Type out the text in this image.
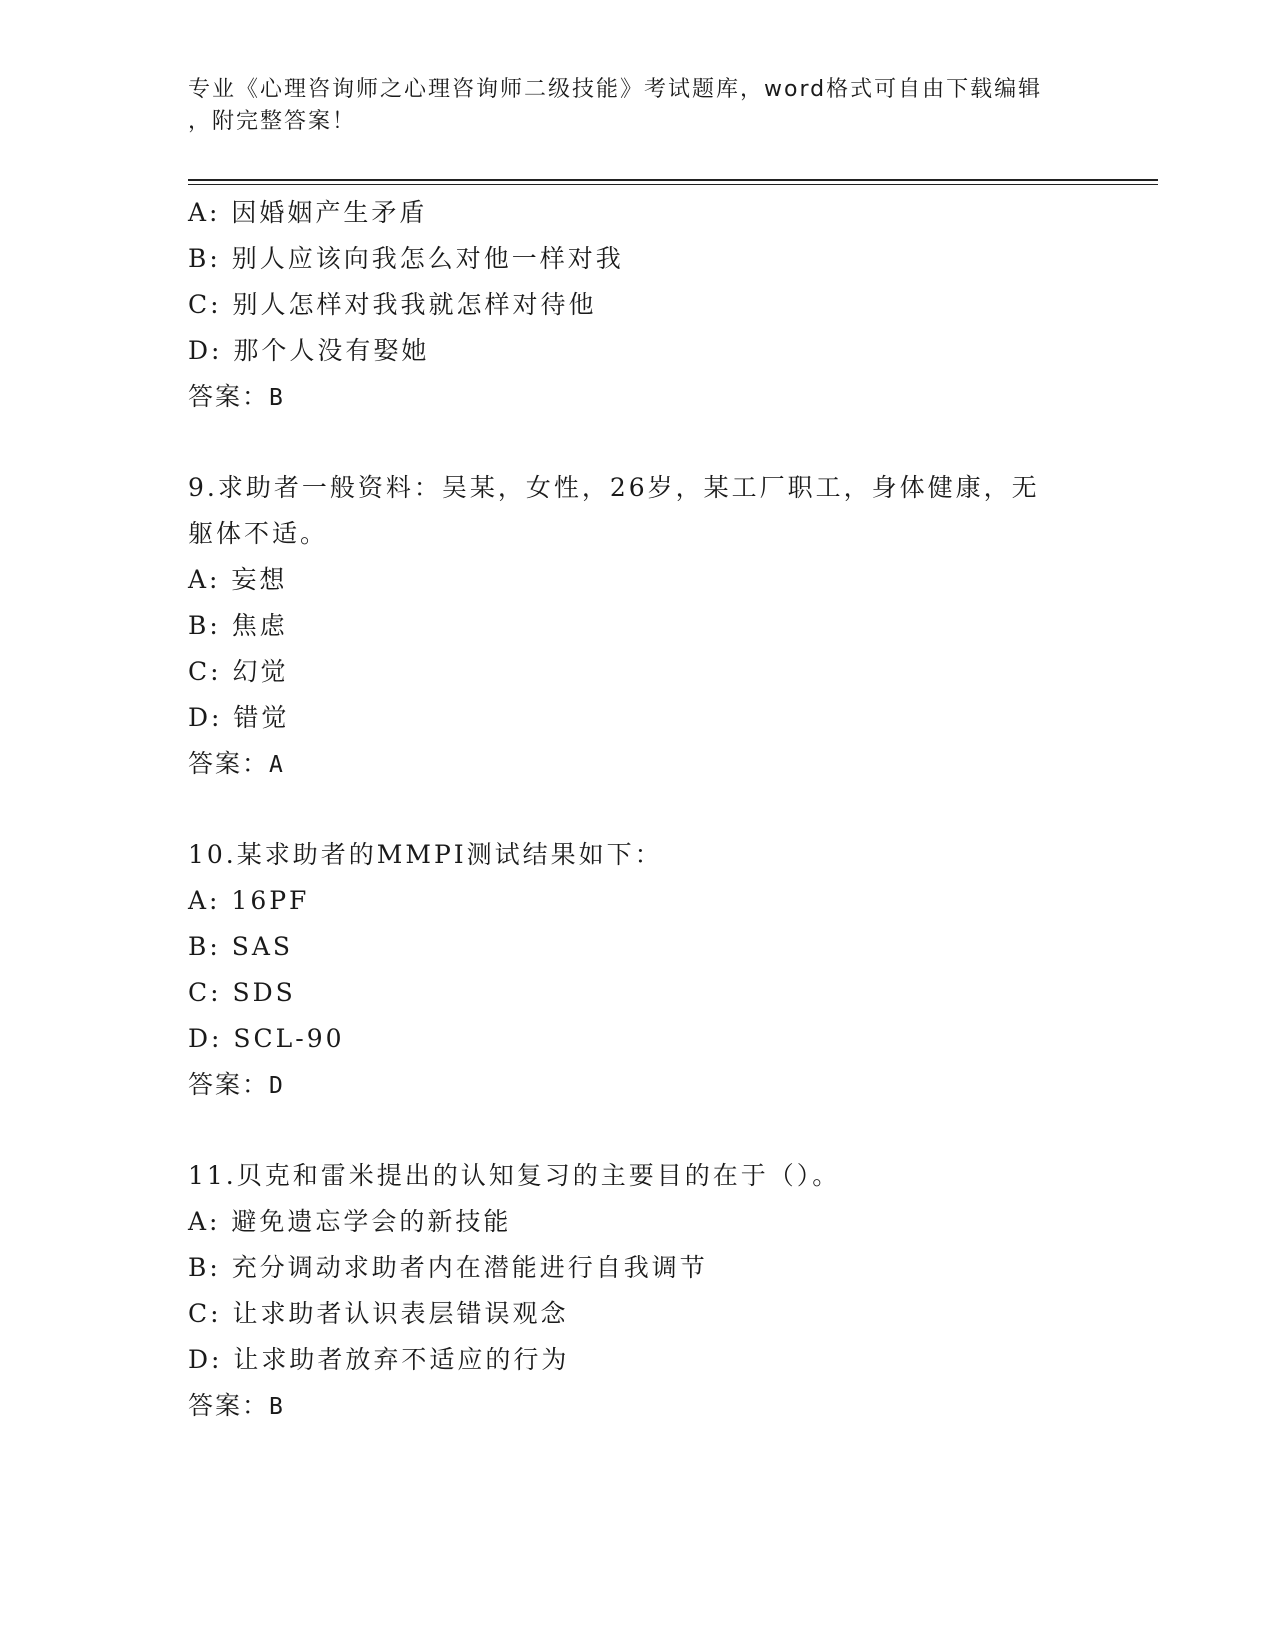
专业《心理咨询师之心理咨询师二级技能》考试题库，word格式可自由下载编辑
，附完整答案！
A: 因婚姻产生矛盾
B: 别人应该向我怎么对他一样对我
C: 别人怎样对我我就怎样对待他
D: 那个人没有娶她
答案：B
9.求助者一般资料：吴某，女性，26岁，某工厂职工，身体健康，无
躯体不适。
A: 妄想
B: 焦虑
C: 幻觉
D: 错觉
答案：A
10.某求助者的MMPI测试结果如下：
A: 16PF
B: SAS
C: SDS
D: SCL-90
答案：D
11.贝克和雷米提出的认知复习的主要目的在于（）。
A: 避免遗忘学会的新技能
B: 充分调动求助者内在潜能进行自我调节
C: 让求助者认识表层错误观念
D: 让求助者放弃不适应的行为
答案：B
